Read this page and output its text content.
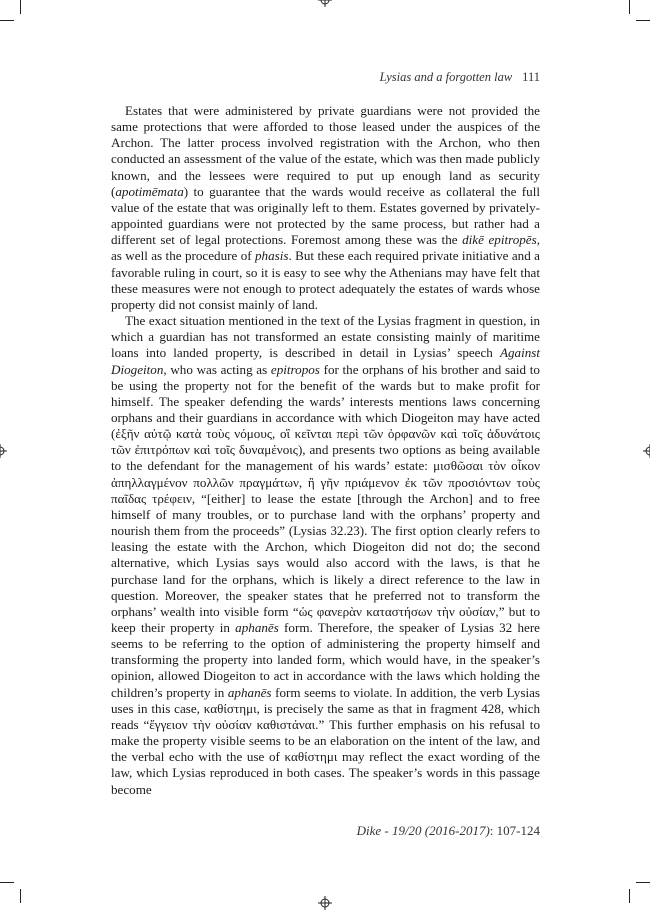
Lysias and a forgotten law 111

Estates that were administered by private guardians were not provided the same protections that were afforded to those leased under the auspices of the Archon. The latter process involved registration with the Archon, who then conducted an assessment of the value of the estate, which was then made publicly known, and the lessees were required to put up enough land as security (apotimēmata) to guarantee that the wards would receive as collateral the full value of the estate that was originally left to them. Estates governed by privately-appointed guardians were not protected by the same process, but rather had a different set of legal protections. Foremost among these was the dikē epitropēs, as well as the procedure of phasis. But these each required private initiative and a favorable ruling in court, so it is easy to see why the Athenians may have felt that these measures were not enough to protect adequately the estates of wards whose property did not consist mainly of land.

The exact situation mentioned in the text of the Lysias fragment in question, in which a guardian has not transformed an estate consisting mainly of maritime loans into landed property, is described in detail in Lysias’ speech Against Diogeiton, who was acting as epitropos for the orphans of his brother and said to be using the property not for the benefit of the wards but to make profit for himself. The speaker defending the wards’ interests mentions laws concerning orphans and their guardians in accordance with which Diogeiton may have acted (ἐξῆν αὐτῷ κατὰ τοὺς νόμους, οἳ κεῖνται περὶ τῶν ὀρφανῶν καὶ τοῖς ἀδυνάτοις τῶν ἐπιτρόπων καὶ τοῖς δυναμένοις), and presents two options as being available to the defendant for the management of his wards’ estate: μισθῶσαι τὸν οἶκον ἀπηλλαγμένον πολλῶν πραγμάτων, ἢ γῆν πριάμενον ἐκ τῶν προσιόντων τοὺς παῖδας τρέφειν, “[either] to lease the estate [through the Archon] and to free himself of many troubles, or to purchase land with the orphans’ property and nourish them from the proceeds” (Lysias 32.23). The first option clearly refers to leasing the estate with the Archon, which Diogeiton did not do; the second alternative, which Lysias says would also accord with the laws, is that he purchase land for the orphans, which is likely a direct reference to the law in question. Moreover, the speaker states that he preferred not to transform the orphans’ wealth into visible form “ὡς φανερὰν καταστήσων τὴν οὐσίαν,” but to keep their property in aphanēs form. Therefore, the speaker of Lysias 32 here seems to be referring to the option of administering the property himself and transforming the property into landed form, which would have, in the speaker’s opinion, allowed Diogeiton to act in accordance with the laws which holding the children’s property in aphanēs form seems to violate. In addition, the verb Lysias uses in this case, καθίστημι, is precisely the same as that in fragment 428, which reads “ἔγγειον τὴν οὐσίαν καθιστάναι.” This further emphasis on his refusal to make the property visible seems to be an elaboration on the intent of the law, and the verbal echo with the use of καθίστημι may reflect the exact wording of the law, which Lysias reproduced in both cases. The speaker’s words in this passage become

Dike - 19/20 (2016-2017): 107-124
